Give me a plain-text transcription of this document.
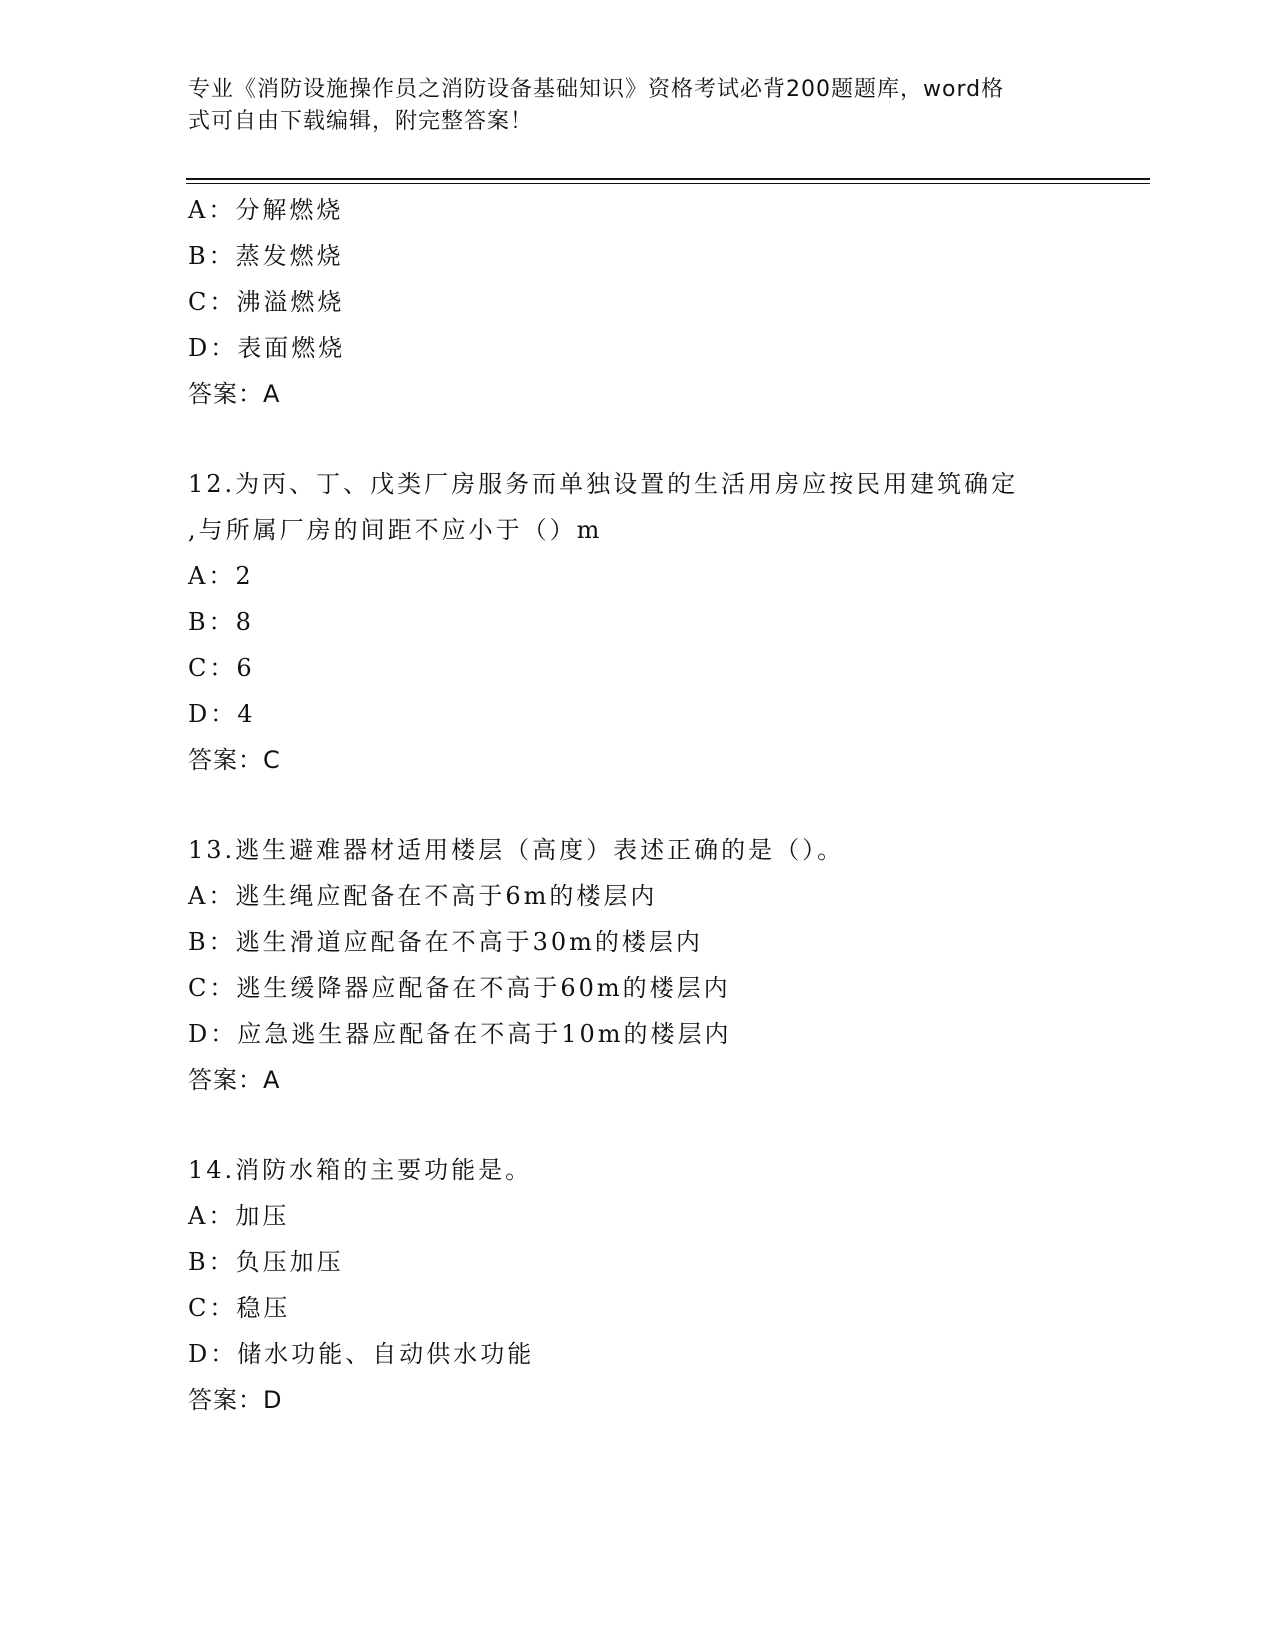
专业《消防设施操作员之消防设备基础知识》资格考试必背200题题库，word格
式可自由下载编辑，附完整答案！
A：分解燃烧
B：蒸发燃烧
C：沸溢燃烧
D：表面燃烧
答案：A
12.为丙、丁、戊类厂房服务而单独设置的生活用房应按民用建筑确定
,与所属厂房的间距不应小于（）m
A：2
B：8
C：6
D：4
答案：C
13.逃生避难器材适用楼层（高度）表述正确的是（）。
A：逃生绳应配备在不高于6m的楼层内
B：逃生滑道应配备在不高于30m的楼层内
C：逃生缓降器应配备在不高于60m的楼层内
D：应急逃生器应配备在不高于10m的楼层内
答案：A
14.消防水箱的主要功能是。
A：加压
B：负压加压
C：稳压
D：储水功能、自动供水功能
答案：D
